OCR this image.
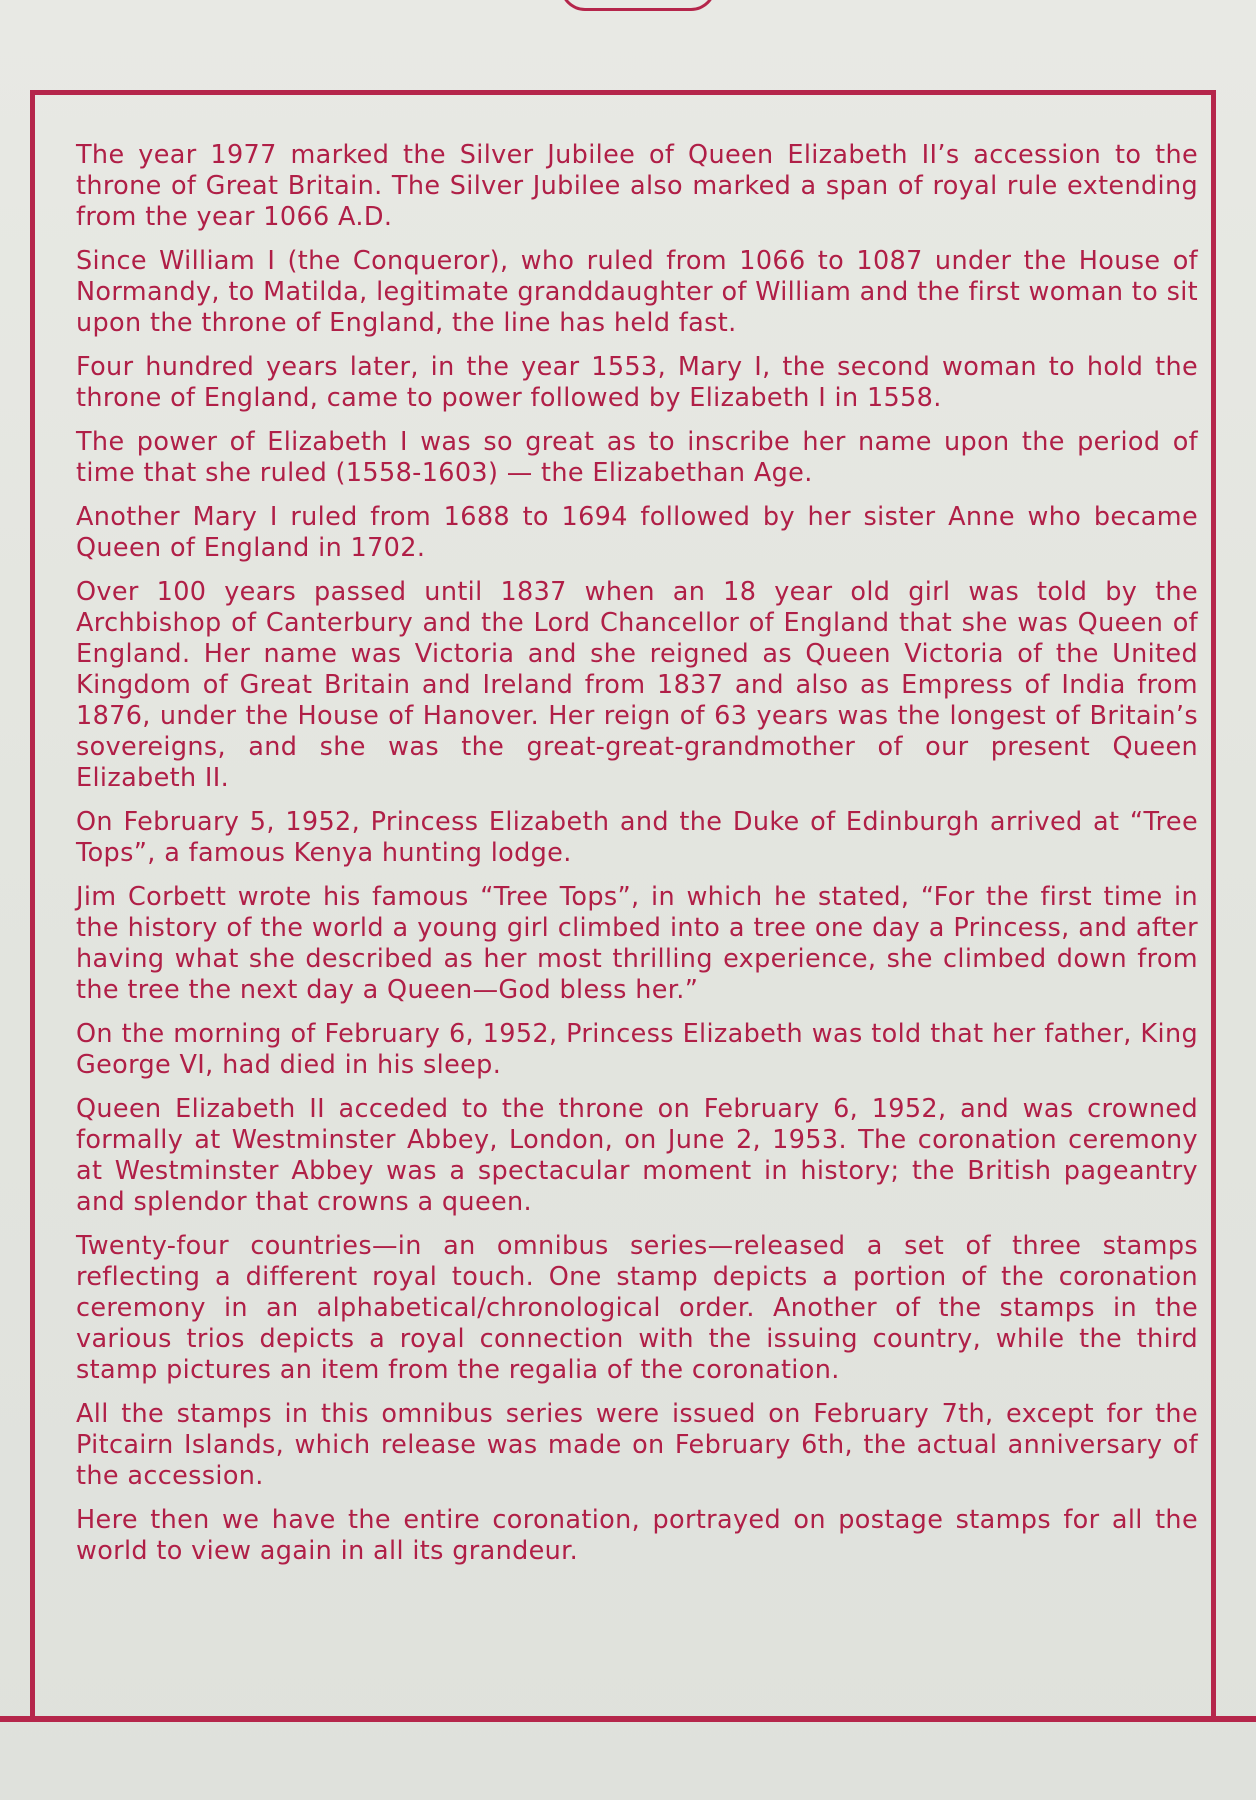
The year 1977 marked the Silver Jubilee of Queen Elizabeth II’s accession to the throne of Great Britain. The Silver Jubilee also marked a span of royal rule extending from the year 1066 A.D.

Since William I (the Conqueror), who ruled from 1066 to 1087 under the House of Normandy, to Matilda, legitimate granddaughter of William and the first woman to sit upon the throne of England, the line has held fast.

Four hundred years later, in the year 1553, Mary I, the second woman to hold the throne of England, came to power followed by Elizabeth I in 1558.

The power of Elizabeth I was so great as to inscribe her name upon the period of time that she ruled (1558-1603) — the Elizabethan Age.

Another Mary I ruled from 1688 to 1694 followed by her sister Anne who became Queen of England in 1702.

Over 100 years passed until 1837 when an 18 year old girl was told by the Archbishop of Canterbury and the Lord Chancellor of England that she was Queen of England. Her name was Victoria and she reigned as Queen Victoria of the United Kingdom of Great Britain and Ireland from 1837 and also as Empress of India from 1876, under the House of Hanover. Her reign of 63 years was the longest of Britain’s sovereigns, and she was the great-great-grandmother of our present Queen Elizabeth II.

On February 5, 1952, Princess Elizabeth and the Duke of Edinburgh arrived at “Tree Tops”, a famous Kenya hunting lodge.

Jim Corbett wrote his famous “Tree Tops”, in which he stated, “For the first time in the history of the world a young girl climbed into a tree one day a Princess, and after having what she described as her most thrilling experience, she climbed down from the tree the next day a Queen—God bless her.”

On the morning of February 6, 1952, Princess Elizabeth was told that her father, King George VI, had died in his sleep.

Queen Elizabeth II acceded to the throne on February 6, 1952, and was crowned formally at Westminster Abbey, London, on June 2, 1953. The coronation ceremony at Westminster Abbey was a spectacular moment in history; the British pageantry and splendor that crowns a queen.

Twenty-four countries—in an omnibus series—released a set of three stamps reflecting a different royal touch. One stamp depicts a portion of the coronation ceremony in an alphabetical/chronological order. Another of the stamps in the various trios depicts a royal connection with the issuing country, while the third stamp pictures an item from the regalia of the coronation.

All the stamps in this omnibus series were issued on February 7th, except for the Pitcairn Islands, which release was made on February 6th, the actual anniversary of the accession.

Here then we have the entire coronation, portrayed on postage stamps for all the world to view again in all its grandeur.
